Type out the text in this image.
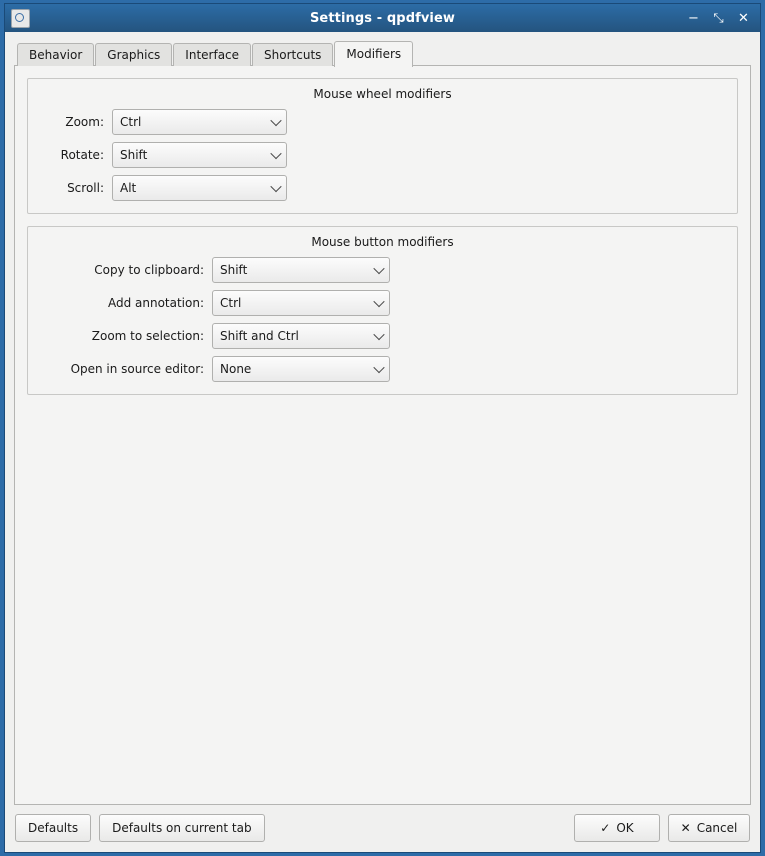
Settings - qpdfview	− ⤡ ✕
Behavior	Graphics	Interface	Shortcuts	Modifiers
Mouse wheel modifiers
Zoom:	Ctrl
Rotate:	Shift
Scroll:	Alt
Mouse button modifiers
Copy to clipboard:	Shift
Add annotation:	Ctrl
Zoom to selection:	Shift and Ctrl
Open in source editor:	None
Defaults	Defaults on current tab	✓ OK	✕ Cancel
